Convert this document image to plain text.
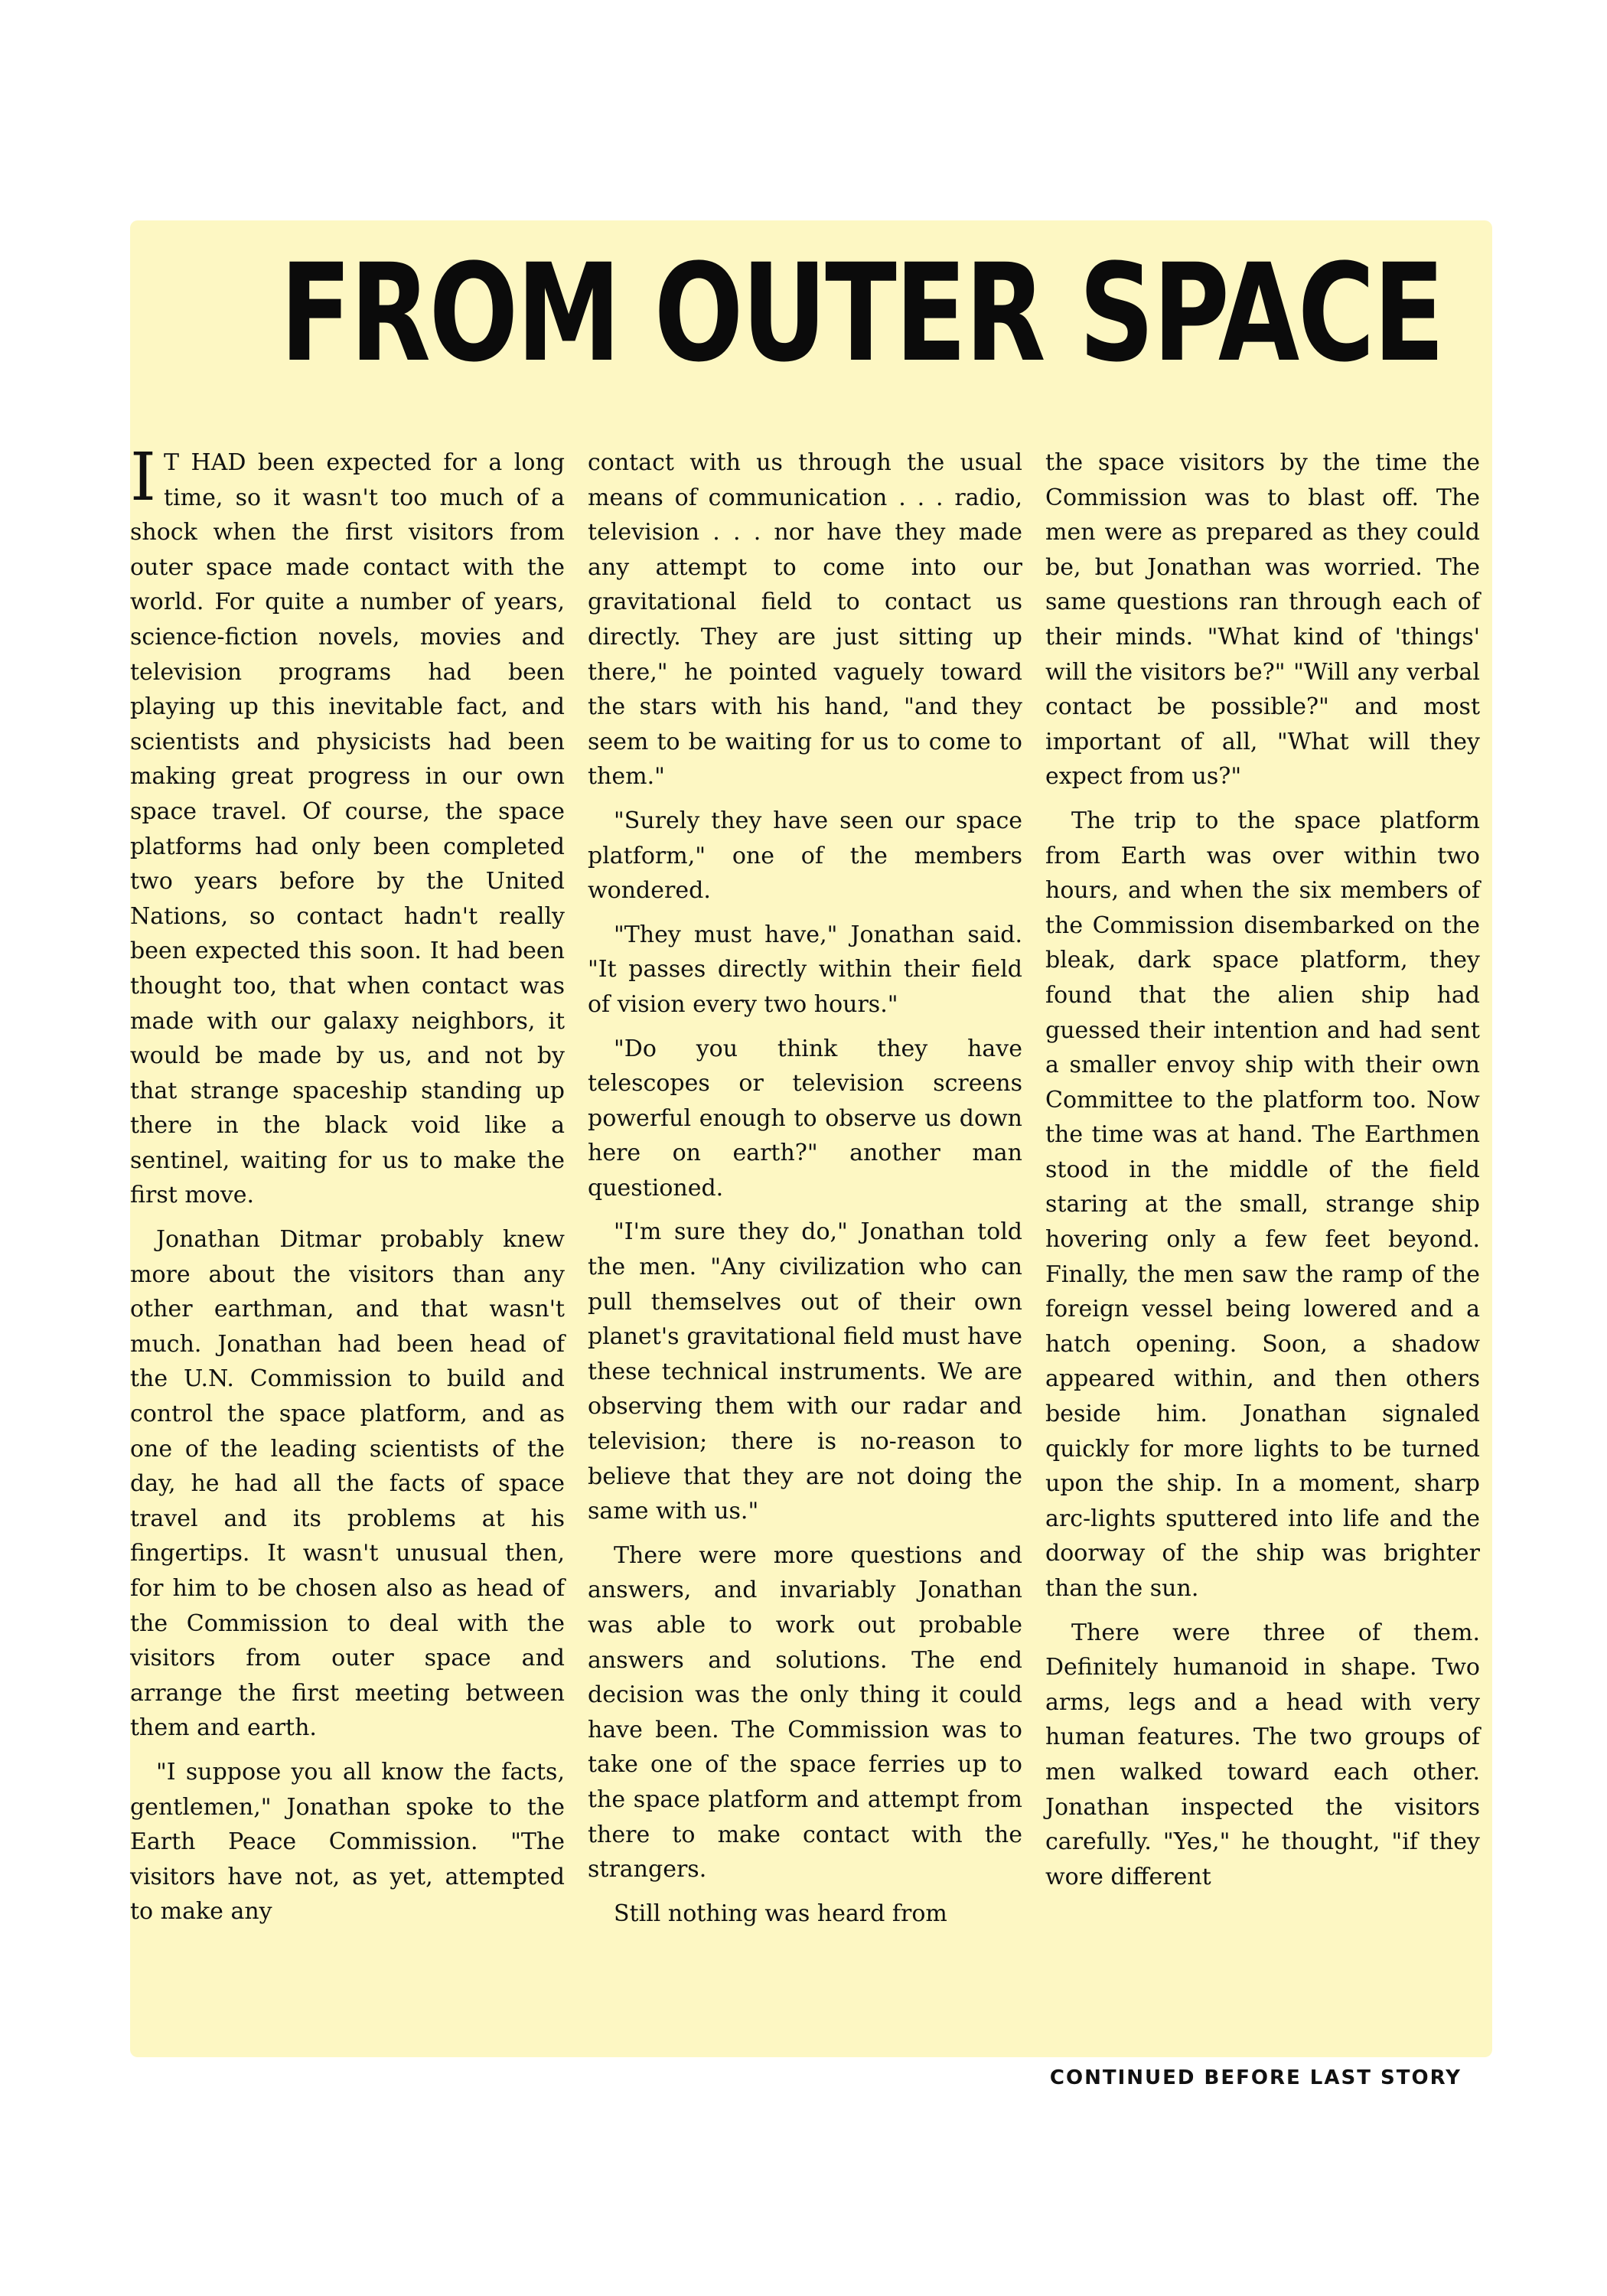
FROM OUTER SPACE

I T HAD been expected for a long time, so it wasn't too much of a shock when the first visitors from outer space made contact with the world. For quite a number of years, science-fiction novels, movies and television programs had been playing up this inevitable fact, and scientists and physicists had been making great progress in our own space travel. Of course, the space platforms had only been completed two years before by the United Nations, so contact hadn't really been expected this soon. It had been thought too, that when contact was made with our galaxy neighbors, it would be made by us, and not by that strange spaceship standing up there in the black void like a sentinel, waiting for us to make the first move.

Jonathan Ditmar probably knew more about the visitors than any other earthman, and that wasn't much. Jonathan had been head of the U.N. Commission to build and control the space platform, and as one of the leading scientists of the day, he had all the facts of space travel and its problems at his fingertips. It wasn't unusual then, for him to be chosen also as head of the Commission to deal with the visitors from outer space and arrange the first meeting between them and earth.

"I suppose you all know the facts, gentlemen," Jonathan spoke to the Earth Peace Commission. "The visitors have not, as yet, attempted to make any

contact with us through the usual means of communication . . . radio, television . . . nor have they made any attempt to come into our gravitational field to contact us directly. They are just sitting up there," he pointed vaguely toward the stars with his hand, "and they seem to be waiting for us to come to them."

"Surely they have seen our space platform," one of the members wondered.

"They must have," Jonathan said. "It passes directly within their field of vision every two hours."

"Do you think they have telescopes or television screens powerful enough to observe us down here on earth?" another man questioned.

"I'm sure they do," Jonathan told the men. "Any civilization who can pull themselves out of their own planet's gravitational field must have these technical instruments. We are observing them with our radar and television; there is no-reason to believe that they are not doing the same with us."

There were more questions and answers, and invariably Jonathan was able to work out probable answers and solutions. The end decision was the only thing it could have been. The Commission was to take one of the space ferries up to the space platform and attempt from there to make contact with the strangers.

Still nothing was heard from

the space visitors by the time the Commission was to blast off. The men were as prepared as they could be, but Jonathan was worried. The same questions ran through each of their minds. "What kind of 'things' will the visitors be?" "Will any verbal contact be possible?" and most important of all, "What will they expect from us?"

The trip to the space platform from Earth was over within two hours, and when the six members of the Commission disembarked on the bleak, dark space platform, they found that the alien ship had guessed their intention and had sent a smaller envoy ship with their own Committee to the platform too. Now the time was at hand. The Earthmen stood in the middle of the field staring at the small, strange ship hovering only a few feet beyond. Finally, the men saw the ramp of the foreign vessel being lowered and a hatch opening. Soon, a shadow appeared within, and then others beside him. Jonathan signaled quickly for more lights to be turned upon the ship. In a moment, sharp arc-lights sputtered into life and the doorway of the ship was brighter than the sun.

There were three of them. Definitely humanoid in shape. Two arms, legs and a head with very human features. The two groups of men walked toward each other. Jonathan inspected the visitors carefully. "Yes," he thought, "if they wore different

CONTINUED BEFORE LAST STORY
